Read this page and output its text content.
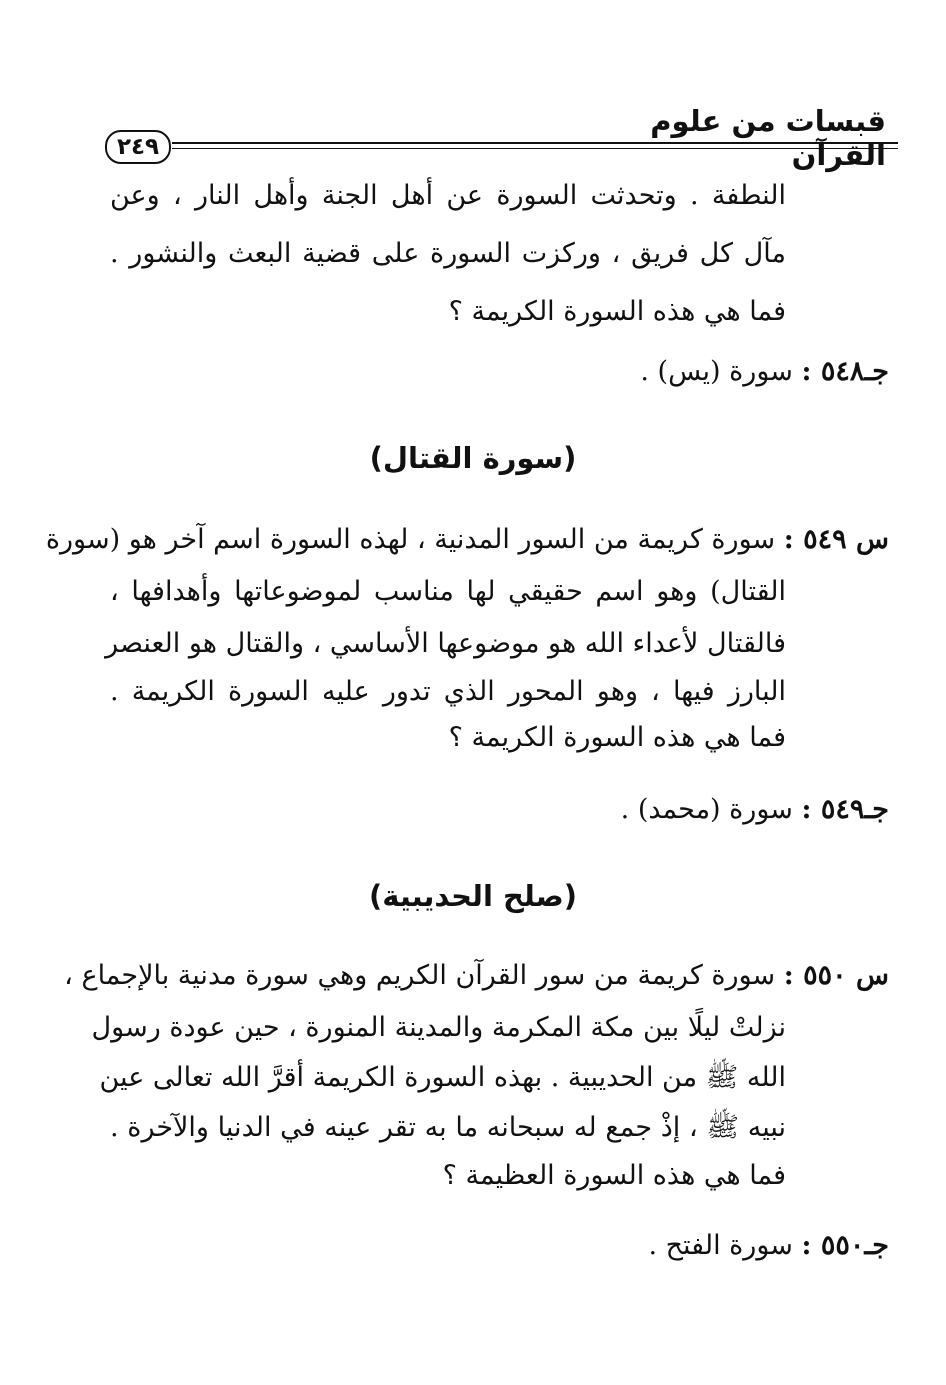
قبسات من علوم القرآن
٢٤٩
النطفة . وتحدثت السورة عن أهل الجنة وأهل النار ، وعن
مآل كل فريق ، وركزت السورة على قضية البعث والنشور .
فما هي هذه السورة الكريمة ؟
جـ٥٤٨ : سورة (يس) .
(سورة القتال)
س ٥٤٩ : سورة كريمة من السور المدنية ، لهذه السورة اسم آخر هو (سورة
القتال) وهو اسم حقيقي لها مناسب لموضوعاتها وأهدافها ،
فالقتال لأعداء الله هو موضوعها الأساسي ، والقتال هو العنصر
البارز فيها ، وهو المحور الذي تدور عليه السورة الكريمة .
فما هي هذه السورة الكريمة ؟
جـ٥٤٩ : سورة (محمد) .
(صلح الحديبية)
س ٥٥٠ : سورة كريمة من سور القرآن الكريم وهي سورة مدنية بالإجماع ،
نزلتْ ليلًا بين مكة المكرمة والمدينة المنورة ، حين عودة رسول
الله ﷺ من الحديبية . بهذه السورة الكريمة أقرَّ الله تعالى عين
نبيه ﷺ ، إذْ جمع له سبحانه ما به تقر عينه في الدنيا والآخرة .
فما هي هذه السورة العظيمة ؟
جـ٥٥٠ : سورة الفتح .
